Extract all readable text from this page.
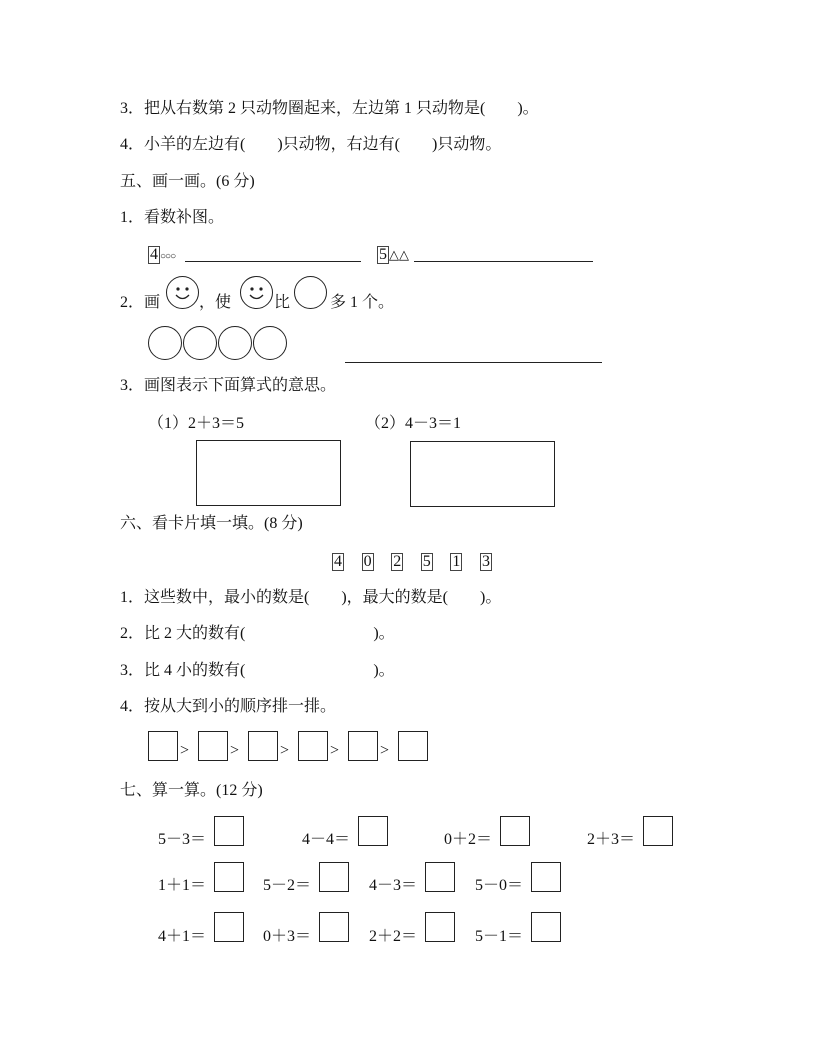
3．把从右数第 2 只动物圈起来，左边第 1 只动物是(　　)。
4．小羊的左边有(　　)只动物，右边有(　　)只动物。
五、画一画。(6 分)
1．看数补图。
4 ○○○	5 △△
2．画 ，使	比 多 1 个。
3．画图表示下面算式的意思。
（1）2＋3＝5	（2）4－3＝1
六、看卡片填一填。(8 分)
4 0 2 5 1 3
1．这些数中，最小的数是(　　)，最大的数是(　　)。
2．比 2 大的数有(　　　　　　　　)。
3．比 4 小的数有(　　　　　　　　)。
4．按从大到小的顺序排一排。
>	>	>	>	>
七、算一算。(12 分)
5－3＝	4－4＝	0＋2＝	2＋3＝
1＋1＝	5－2＝	4－3＝	5－0＝
4＋1＝	0＋3＝	2＋2＝	5－1＝
